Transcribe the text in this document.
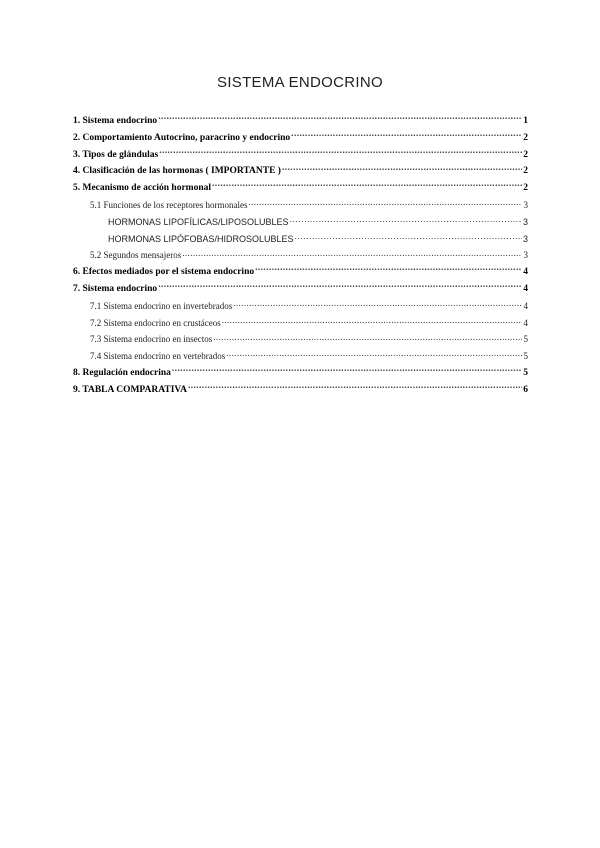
SISTEMA ENDOCRINO
1. Sistema endocrino .....	1
2. Comportamiento Autocrino, paracrino y endocrino .....	2
3. Tipos de glándulas .....	2
4. Clasificación de las hormonas ( IMPORTANTE ) .....	2
5. Mecanismo de acción hormonal .....	2
5.1 Funciones de los receptores hormonales .....	3
HORMONAS LIPOFÍLICAS/LIPOSOLUBLES .....	3
HORMONAS LIPÓFOBAS/HIDROSOLUBLES .....	3
5.2 Segundos mensajeros .....	3
6. Efectos mediados por el sistema endocrino .....	4
7. Sistema endocrino .....	4
7.1 Sistema endocrino en invertebrados .....	4
7.2 Sistema endocrino en crustáceos .....	4
7.3 Sistema endocrino en insectos .....	5
7.4 Sistema endocrino en vertebrados .....	5
8. Regulación endocrina .....	5
9. TABLA COMPARATIVA .....	6
